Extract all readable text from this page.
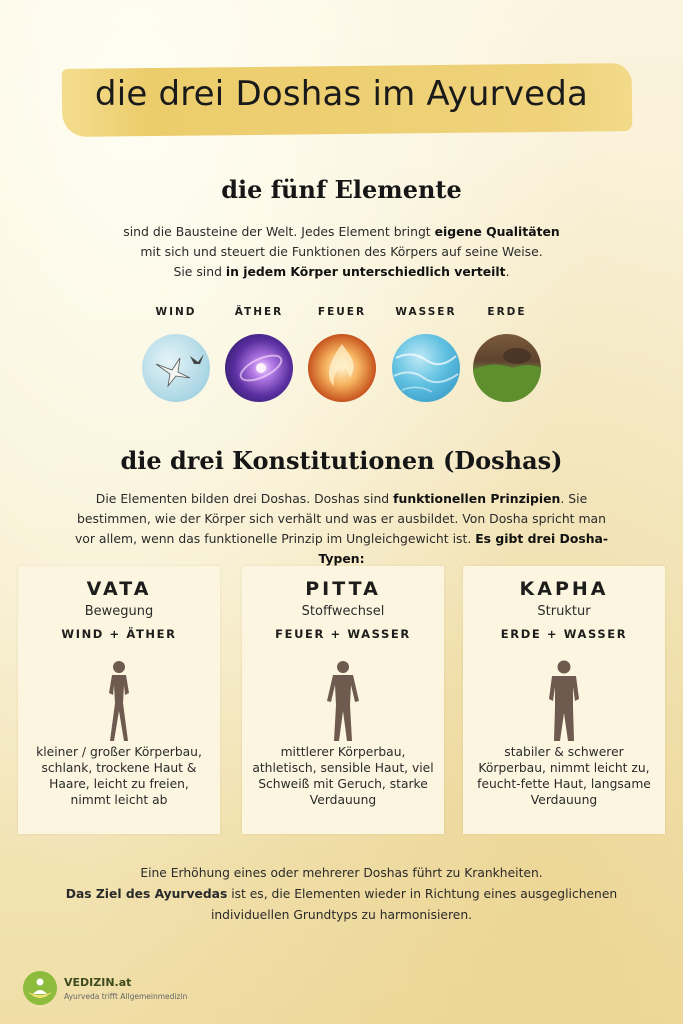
die drei Doshas im Ayurveda
die fünf Elemente
sind die Bausteine der Welt. Jedes Element bringt eigene Qualitäten
mit sich und steuert die Funktionen des Körpers auf seine Weise.
Sie sind in jedem Körper unterschiedlich verteilt.
WIND	ÄTHER	FEUER	WASSER	ERDE
die drei Konstitutionen (Doshas)
Die Elementen bilden drei Doshas. Doshas sind funktionellen Prinzipien. Sie bestimmen, wie der Körper sich verhält und was er ausbildet. Von Dosha spricht man vor allem, wenn das funktionelle Prinzip im Ungleichgewicht ist. Es gibt drei Dosha-Typen:
VATA
Bewegung
WIND + ÄTHER
kleiner / großer Körperbau, schlank, trockene Haut & Haare, leicht zu freien, nimmt leicht ab
PITTA
Stoffwechsel
FEUER + WASSER
mittlerer Körperbau, athletisch, sensible Haut, viel Schweiß mit Geruch, starke Verdauung
KAPHA
Struktur
ERDE + WASSER
stabiler & schwerer Körperbau, nimmt leicht zu, feucht-fette Haut, langsame Verdauung
Eine Erhöhung eines oder mehrerer Doshas führt zu Krankheiten.
Das Ziel des Ayurvedas ist es, die Elementen wieder in Richtung eines ausgeglichenen individuellen Grundtyps zu harmonisieren.
VEDIZIN.at
Ayurveda trifft Allgemeinmedizin
